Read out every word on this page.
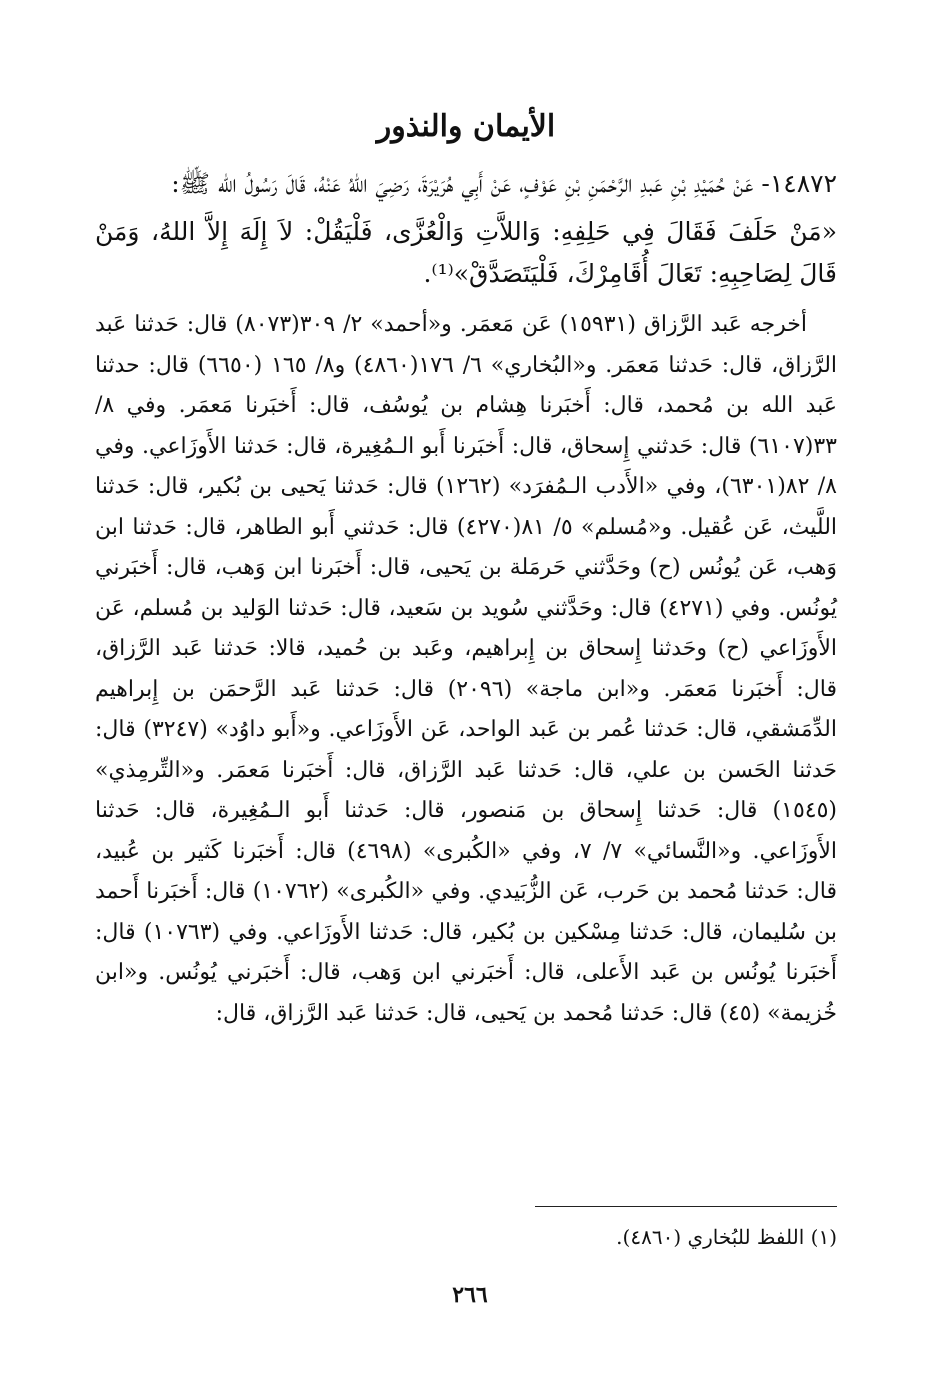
الأيمان والنذور

١٤٨٧٢- عَنْ حُمَيْدِ بْنِ عَبدِ الرَّحْمَنِ بْنِ عَوْفٍ، عَنْ أَبِي هُرَيْرَةَ، رَضِيَ اللهُ عَنْهُ، قَالَ رَسُولُ الله ﷺ:

«مَنْ حَلَفَ فَقَالَ فِي حَلِفِهِ: وَاللاَّتِ وَالْعُزَّى، فَلْيَقُلْ: لاَ إِلَهَ إِلاَّ اللهُ، وَمَنْ قَالَ لِصَاحِبِهِ: تَعَالَ أُقَامِرْكَ، فَلْيَتَصَدَّقْ»⁽¹⁾.

أخرجه عَبد الرَّزاق (١٥٩٣١) عَن مَعمَر. و«أحمد» ٢/ ٣٠٩(٨٠٧٣) قال: حَدثنا عَبد الرَّزاق، قال: حَدثنا مَعمَر. و«البُخاري» ٦/ ١٧٦(٤٨٦٠) و٨/ ١٦٥ (٦٦٥٠) قال: حدثنا عَبد الله بن مُحمد، قال: أَخبَرنا هِشام بن يُوسُف، قال: أَخبَرنا مَعمَر. وفي ٨/ ٣٣(٦١٠٧) قال: حَدثني إِسحاق، قال: أَخبَرنا أَبو الـمُغِيرة، قال: حَدثنا الأَوزَاعي. وفي ٨/ ٨٢(٦٣٠١)، وفي «الأَدب الـمُفرَد» (١٢٦٢) قال: حَدثنا يَحيى بن بُكير، قال: حَدثنا اللَّيث، عَن عُقيل. و«مُسلم» ٥/ ٨١(٤٢٧٠) قال: حَدثني أَبو الطاهر، قال: حَدثنا ابن وَهب، عَن يُونُس (ح) وحَدَّثني حَرمَلة بن يَحيى، قال: أَخبَرنا ابن وَهب، قال: أَخبَرني يُونُس. وفي (٤٢٧١) قال: وحَدَّثني سُويد بن سَعيد، قال: حَدثنا الوَليد بن مُسلم، عَن الأَوزَاعي (ح) وحَدثنا إِسحاق بن إِبراهيم، وعَبد بن حُميد، قالا: حَدثنا عَبد الرَّزاق، قال: أَخبَرنا مَعمَر. و«ابن ماجة» (٢٠٩٦) قال: حَدثنا عَبد الرَّحمَن بن إِبراهيم الدِّمَشقي، قال: حَدثنا عُمر بن عَبد الواحد، عَن الأَوزَاعي. و«أَبو داوُد» (٣٢٤٧) قال: حَدثنا الحَسن بن علي، قال: حَدثنا عَبد الرَّزاق، قال: أَخبَرنا مَعمَر. و«التِّرمِذي» (١٥٤٥) قال: حَدثنا إِسحاق بن مَنصور، قال: حَدثنا أَبو الـمُغِيرة، قال: حَدثنا الأَوزَاعي. و«النَّسائي» ٧/ ٧، وفي «الكُبرى» (٤٦٩٨) قال: أَخبَرنا كَثير بن عُبيد، قال: حَدثنا مُحمد بن حَرب، عَن الزُّبَيدي. وفي «الكُبرى» (١٠٧٦٢) قال: أَخبَرنا أَحمد بن سُليمان، قال: حَدثنا مِسْكين بن بُكير، قال: حَدثنا الأَوزَاعي. وفي (١٠٧٦٣) قال: أَخبَرنا يُونُس بن عَبد الأَعلى، قال: أَخبَرني ابن وَهب، قال: أَخبَرني يُونُس. و«ابن خُزيمة» (٤٥) قال: حَدثنا مُحمد بن يَحيى، قال: حَدثنا عَبد الرَّزاق، قال:

(١) اللفظ للبُخاري (٤٨٦٠).
٢٦٦
